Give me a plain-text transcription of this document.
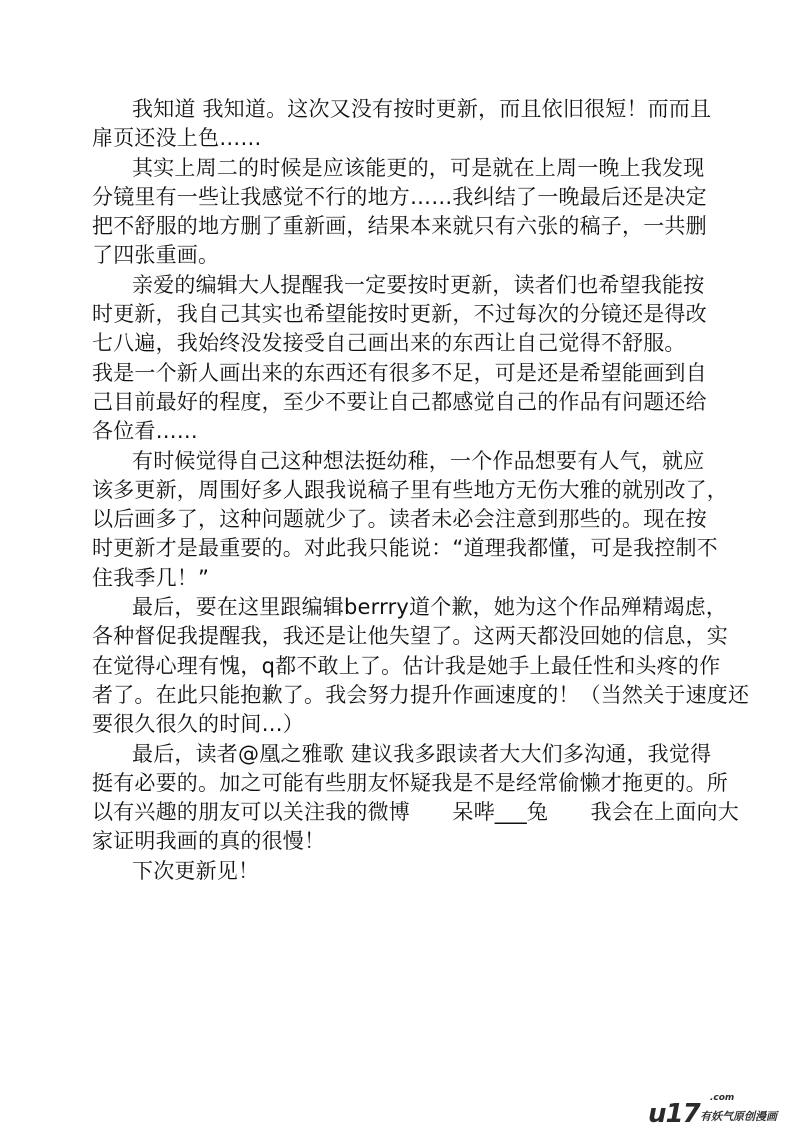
我知道 我知道。这次又没有按时更新，而且依旧很短！而而且
扉页还没上色……
其实上周二的时候是应该能更的，可是就在上周一晚上我发现
分镜里有一些让我感觉不行的地方……我纠结了一晚最后还是决定
把不舒服的地方删了重新画，结果本来就只有六张的稿子，一共删
了四张重画。
亲爱的编辑大人提醒我一定要按时更新，读者们也希望我能按
时更新，我自己其实也希望能按时更新，不过每次的分镜还是得改
七八遍，我始终没发接受自己画出来的东西让自己觉得不舒服。
我是一个新人画出来的东西还有很多不足，可是还是希望能画到自
己目前最好的程度，至少不要让自己都感觉自己的作品有问题还给
各位看……
有时候觉得自己这种想法挺幼稚，一个作品想要有人气，就应
该多更新，周围好多人跟我说稿子里有些地方无伤大雅的就别改了，
以后画多了，这种问题就少了。读者未必会注意到那些的。现在按
时更新才是最重要的。对此我只能说：“道理我都懂，可是我控制不
住我季几！”
最后，要在这里跟编辑berrry道个歉，她为这个作品殚精竭虑，
各种督促我提醒我，我还是让他失望了。这两天都没回她的信息，实
在觉得心理有愧，q都不敢上了。估计我是她手上最任性和头疼的作
者了。在此只能抱歉了。我会努力提升作画速度的！（当然关于速度还
要很久很久的时间…）
最后，读者@凰之雅歌 建议我多跟读者大大们多沟通，我觉得
挺有必要的。加之可能有些朋友怀疑我是不是经常偷懒才拖更的。所
以有兴趣的朋友可以关注我的微博　　呆哔___兔　　我会在上面向大
家证明我画的真的很慢！
下次更新见！
u17
.com
有妖气原创漫画
